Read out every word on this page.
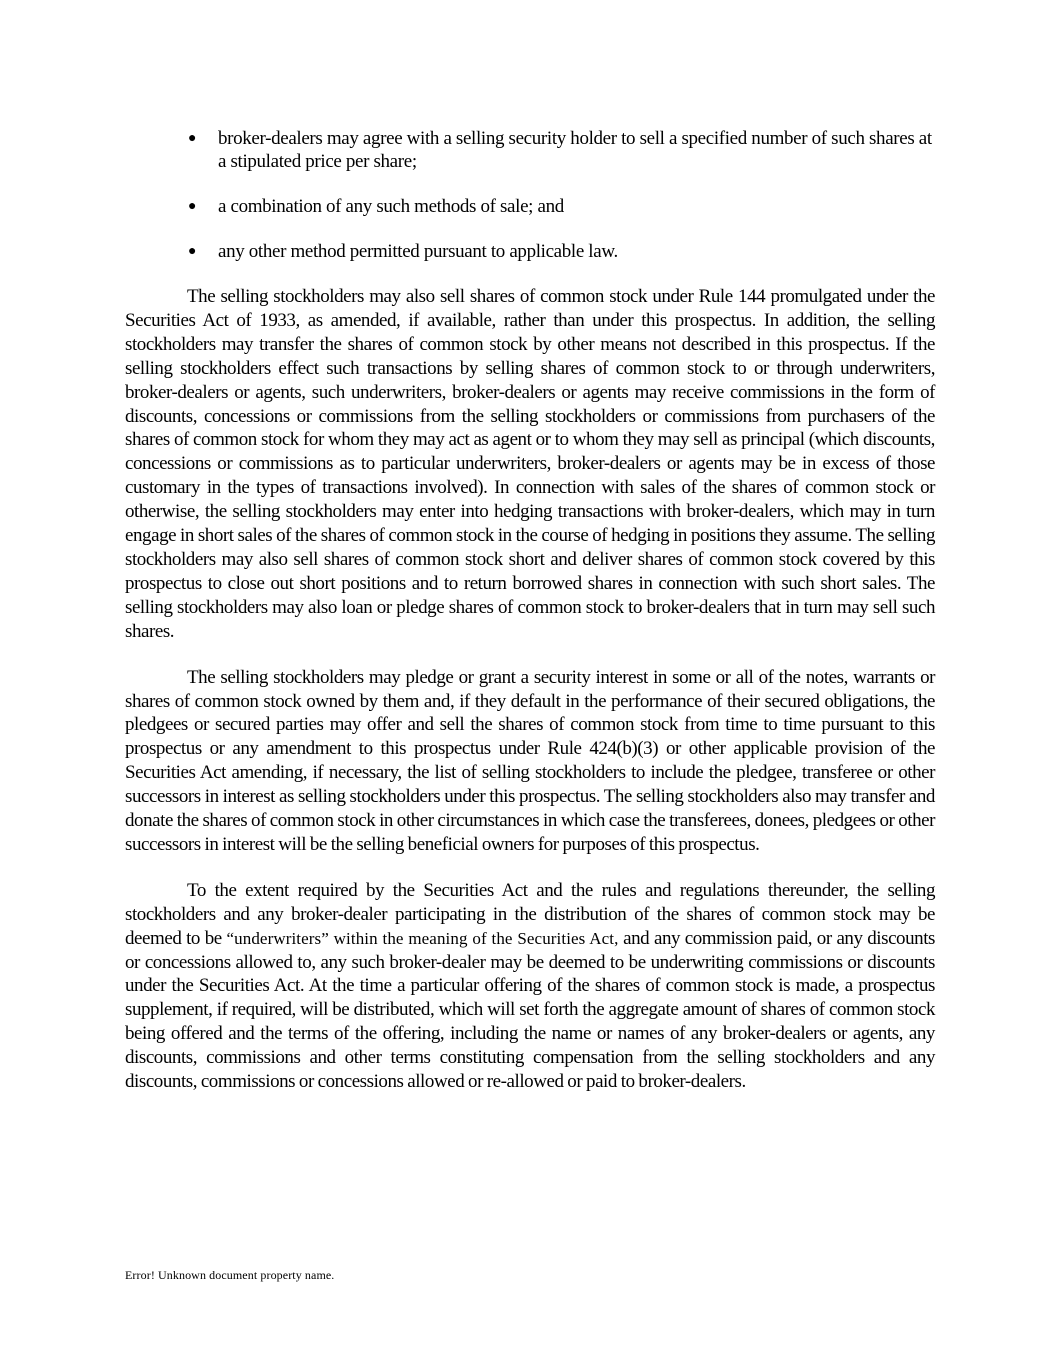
● broker-dealers may agree with a selling security holder to sell a specified number of such shares at a stipulated price per share;
● a combination of any such methods of sale; and
● any other method permitted pursuant to applicable law.

The selling stockholders may also sell shares of common stock under Rule 144 promulgated under the Securities Act of 1933, as amended, if available, rather than under this prospectus. In addition, the selling stockholders may transfer the shares of common stock by other means not described in this prospectus. If the selling stockholders effect such transactions by selling shares of common stock to or through underwriters, broker-dealers or agents, such underwriters, broker-dealers or agents may receive commissions in the form of discounts, concessions or commissions from the selling stockholders or commissions from purchasers of the shares of common stock for whom they may act as agent or to whom they may sell as principal (which discounts, concessions or commissions as to particular underwriters, broker-dealers or agents may be in excess of those customary in the types of transactions involved). In connection with sales of the shares of common stock or otherwise, the selling stockholders may enter into hedging transactions with broker-dealers, which may in turn engage in short sales of the shares of common stock in the course of hedging in positions they assume. The selling stockholders may also sell shares of common stock short and deliver shares of common stock covered by this prospectus to close out short positions and to return borrowed shares in connection with such short sales. The selling stockholders may also loan or pledge shares of common stock to broker-dealers that in turn may sell such shares.

The selling stockholders may pledge or grant a security interest in some or all of the notes, warrants or shares of common stock owned by them and, if they default in the performance of their secured obligations, the pledgees or secured parties may offer and sell the shares of common stock from time to time pursuant to this prospectus or any amendment to this prospectus under Rule 424(b)(3) or other applicable provision of the Securities Act amending, if necessary, the list of selling stockholders to include the pledgee, transferee or other successors in interest as selling stockholders under this prospectus. The selling stockholders also may transfer and donate the shares of common stock in other circumstances in which case the transferees, donees, pledgees or other successors in interest will be the selling beneficial owners for purposes of this prospectus.

To the extent required by the Securities Act and the rules and regulations thereunder, the selling stockholders and any broker-dealer participating in the distribution of the shares of common stock may be deemed to be “underwriters” within the meaning of the Securities Act, and any commission paid, or any discounts or concessions allowed to, any such broker-dealer may be deemed to be underwriting commissions or discounts under the Securities Act. At the time a particular offering of the shares of common stock is made, a prospectus supplement, if required, will be distributed, which will set forth the aggregate amount of shares of common stock being offered and the terms of the offering, including the name or names of any broker-dealers or agents, any discounts, commissions and other terms constituting compensation from the selling stockholders and any discounts, commissions or concessions allowed or re-allowed or paid to broker-dealers.

Error! Unknown document property name.
